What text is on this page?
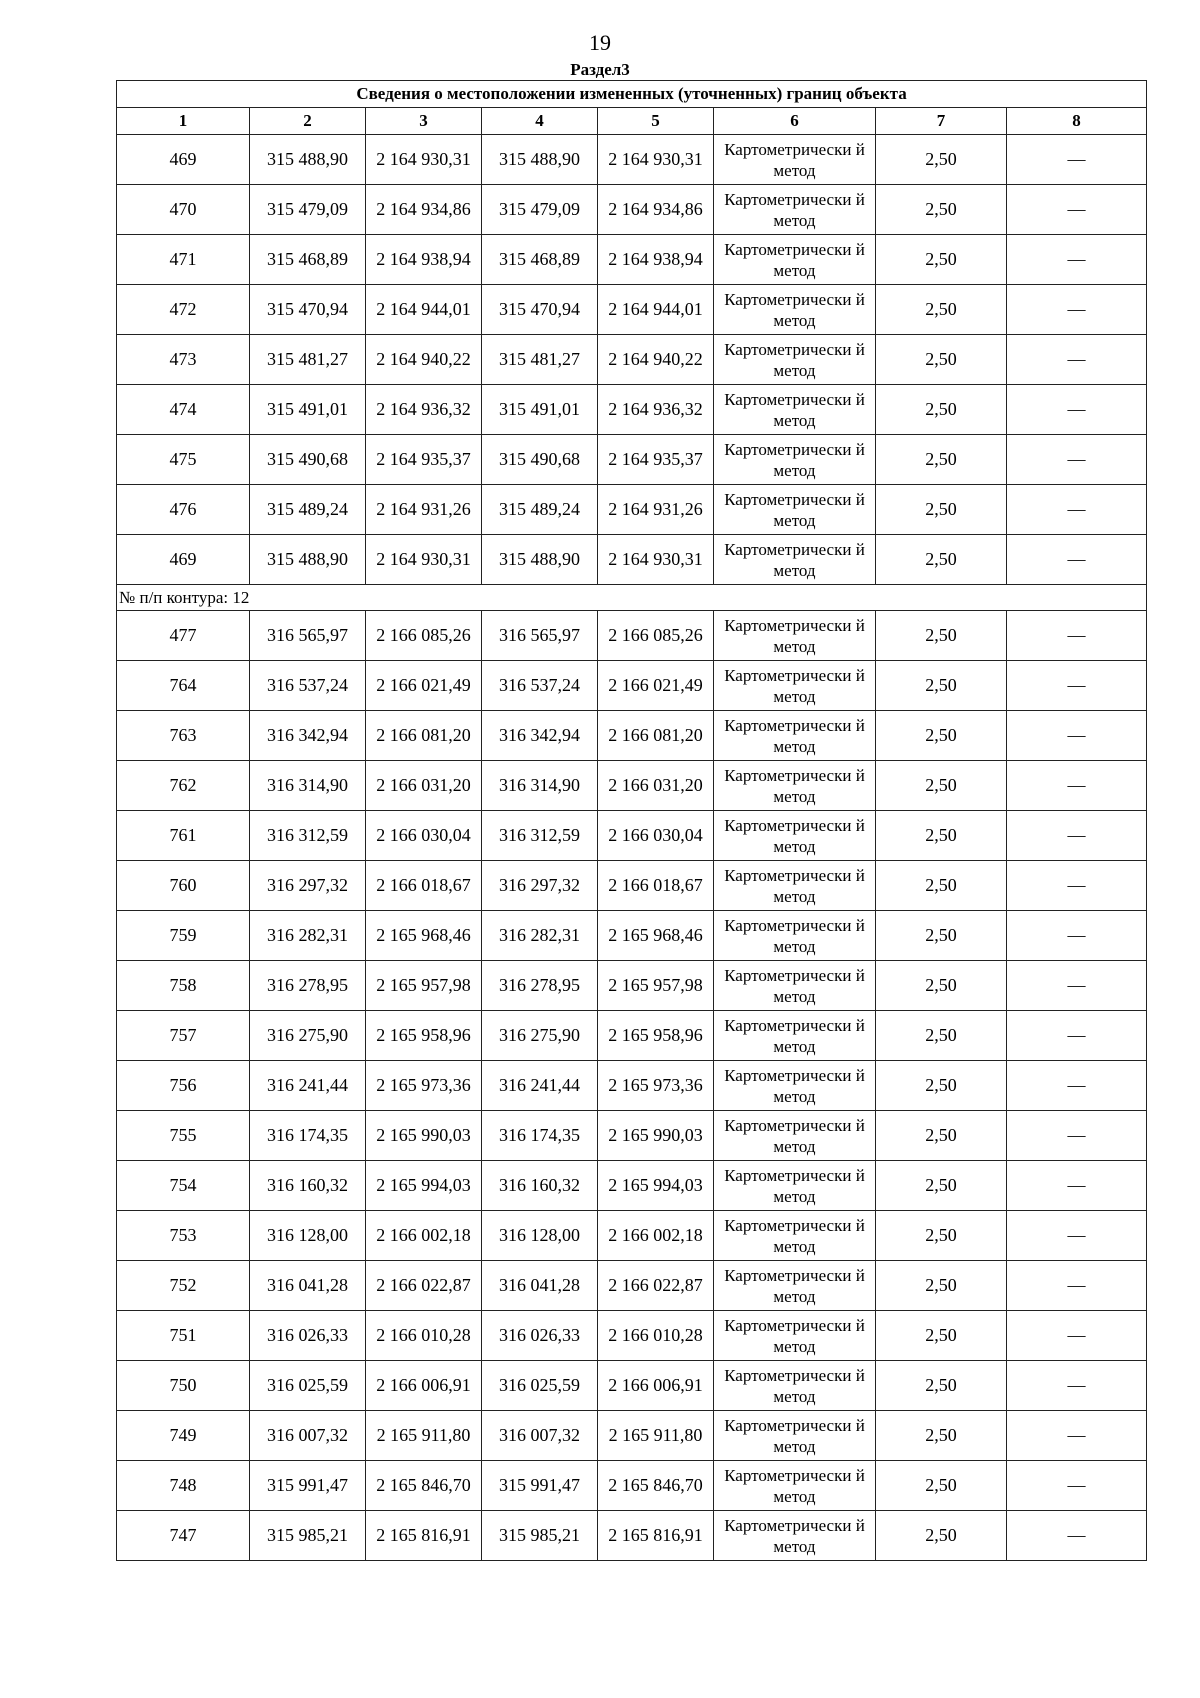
19
Раздел3
Сведения о местоположении измененных (уточненных) границ объекта							
1	2	3	4	5	6	7	8
469	315 488,90	2 164 930,31	315 488,90	2 164 930,31	Картометрически й метод	2,50	—
470	315 479,09	2 164 934,86	315 479,09	2 164 934,86	Картометрически й метод	2,50	—
471	315 468,89	2 164 938,94	315 468,89	2 164 938,94	Картометрически й метод	2,50	—
472	315 470,94	2 164 944,01	315 470,94	2 164 944,01	Картометрически й метод	2,50	—
473	315 481,27	2 164 940,22	315 481,27	2 164 940,22	Картометрически й метод	2,50	—
474	315 491,01	2 164 936,32	315 491,01	2 164 936,32	Картометрически й метод	2,50	—
475	315 490,68	2 164 935,37	315 490,68	2 164 935,37	Картометрически й метод	2,50	—
476	315 489,24	2 164 931,26	315 489,24	2 164 931,26	Картометрически й метод	2,50	—
469	315 488,90	2 164 930,31	315 488,90	2 164 930,31	Картометрически й метод	2,50	—
№ п/п контура: 12							
477	316 565,97	2 166 085,26	316 565,97	2 166 085,26	Картометрически й метод	2,50	—
764	316 537,24	2 166 021,49	316 537,24	2 166 021,49	Картометрически й метод	2,50	—
763	316 342,94	2 166 081,20	316 342,94	2 166 081,20	Картометрически й метод	2,50	—
762	316 314,90	2 166 031,20	316 314,90	2 166 031,20	Картометрически й метод	2,50	—
761	316 312,59	2 166 030,04	316 312,59	2 166 030,04	Картометрически й метод	2,50	—
760	316 297,32	2 166 018,67	316 297,32	2 166 018,67	Картометрически й метод	2,50	—
759	316 282,31	2 165 968,46	316 282,31	2 165 968,46	Картометрически й метод	2,50	—
758	316 278,95	2 165 957,98	316 278,95	2 165 957,98	Картометрически й метод	2,50	—
757	316 275,90	2 165 958,96	316 275,90	2 165 958,96	Картометрически й метод	2,50	—
756	316 241,44	2 165 973,36	316 241,44	2 165 973,36	Картометрически й метод	2,50	—
755	316 174,35	2 165 990,03	316 174,35	2 165 990,03	Картометрически й метод	2,50	—
754	316 160,32	2 165 994,03	316 160,32	2 165 994,03	Картометрически й метод	2,50	—
753	316 128,00	2 166 002,18	316 128,00	2 166 002,18	Картометрически й метод	2,50	—
752	316 041,28	2 166 022,87	316 041,28	2 166 022,87	Картометрически й метод	2,50	—
751	316 026,33	2 166 010,28	316 026,33	2 166 010,28	Картометрически й метод	2,50	—
750	316 025,59	2 166 006,91	316 025,59	2 166 006,91	Картометрически й метод	2,50	—
749	316 007,32	2 165 911,80	316 007,32	2 165 911,80	Картометрически й метод	2,50	—
748	315 991,47	2 165 846,70	315 991,47	2 165 846,70	Картометрически й метод	2,50	—
747	315 985,21	2 165 816,91	315 985,21	2 165 816,91	Картометрически й метод	2,50	—
